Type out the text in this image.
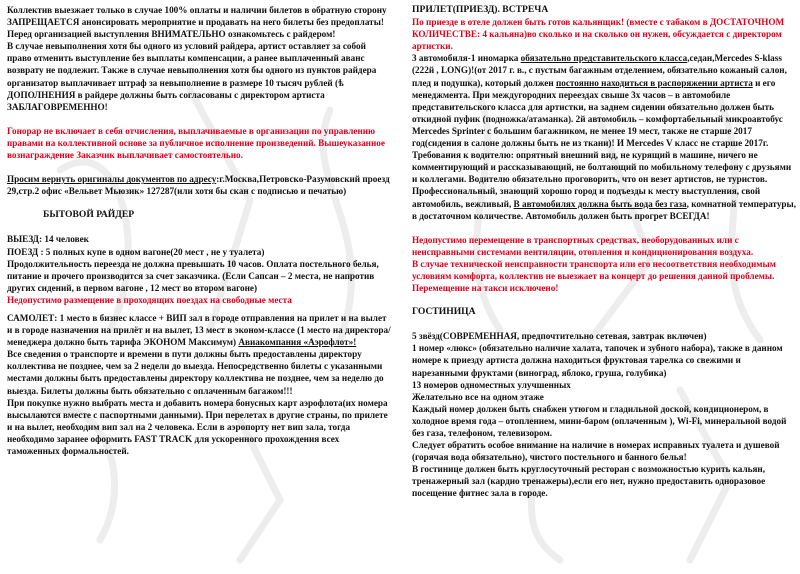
Коллектив выезжает только в случае 100% оплаты и наличии билетов в обратную сторону

ЗАПРЕЩАЕТСЯ анонсировать мероприятие и продавать на него билеты без предоплаты!

Перед организацией выступления ВНИМАТЕЛЬНО ознакомьтесь с райдером!

В случае невыполнения хотя бы одного из условий райдера, артист оставляет за собой право отменить выступление без выплаты компенсации, а ранее выплаченный аванс возврату не подлежит. Также в случае невыполнения хотя бы одного из пунктов райдера организатор выплачивает штраф за невыполнение в размере 10 тысяч рублей (ѣ ДОПОЛНЕНИЯ в райдере должны быть согласованы с директором артиста ЗАБЛАГОВРЕМЕННО!

Гонорар не включает в себя отчисления, выплачиваемые в организации по управлению правами на коллективной основе за публичное исполнение произведений. Вышеуказанное вознаграждение Заказчик выплачивает самостоятельно.

Просим вернуть оригиналы документов по адресу:г.Москва,Петровско-Разумовский проезд 29,стр.2 офис «Вельвет Мьюзик» 127287(или хотя бы скан с подписью и печатью)

БЫТОВОЙ РАЙДЕР

ВЫЕЗД: 14 человек

ПОЕЗД : 5 полных купе в одном вагоне(20 мест , не у туалета)

Продолжительность переезда не должна превышать 10 часов. Оплата постельного белья, питание и прочего производится за счет заказчика. (Если Сапсан – 2 места, не напротив других сидений, в первом вагоне , 12 мест во втором вагоне)

Недопустимо размещение в проходящих поездах на свободные места

САМОЛЕТ: 1 место в бизнес классе + ВИП зал в городе отправления на прилет и на вылет и в городе назначения на прилёт и на вылет, 13 мест в эконом-классе (1 место на директора/менеджера должно быть тарифа ЭКОНОМ Максимум) Авиакомпания «Аэрофлот»!

Все сведения о транспорте и времени в пути должны быть предоставлены директору коллектива не позднее, чем за 2 недели до выезда. Непосредственно билеты с указанными местами должны быть предоставлены директору коллектива не позднее, чем за неделю до выезда. Билеты должны быть обязательно с оплаченным багажом!!!

При покупке нужно выбрать места и добавить номера бонусных карт аэрофлота(их номера высылаются вместе с паспортными данными). При перелетах в другие страны, по прилете и на вылет, необходим вип зал на 2 человека. Если в аэропорту нет вип зала, тогда необходимо заранее оформить FAST TRACK для ускоренного прохождения всех таможенных формальностей.

ПРИЛЕТ(ПРИЕЗД). ВСТРЕЧА

По приезде в отеле должен быть готов кальянщик! (вместе с табаком в ДОСТАТОЧНОМ КОЛИЧЕСТВЕ: 4 кальяна)во сколько и на сколько он нужен, обсуждается с директором артистки.

3 автомобиля-1 иномарка обязательно представительского класса,седан,Mercedes S-klass (222й , LONG)!(от 2017 г. в., с пустым багажным отделением, обязательно кожаный салон, плед и подушка), который должен постоянно находиться в распоряжении артиста и его менеджмента. При междугородних переездах свыше 3х часов – в автомобиле представительского класса для артистки, на заднем сидении обязательно должен быть откидной пуфик (подножка/атаманка). 2й автомобиль – комфортабельный микроавтобус Mercedes Sprinter с большим багажником, не менее 19 мест, также не старше 2017 год(сидения в салоне должны быть не из ткани)! И Mercedes V класс не старше 2017г. Требования к водителю: опрятный внешний вид, не курящий в машине, ничего не комментирующий и рассказывающий, не болтающий по мобильному телефону с друзьями и коллегами. Водителю обязательно проговорить, что он везет артистов, не туристов. Профессиональный, знающий хорошо город и подъезды к месту выступления, свой автомобиль, вежливый, В автомобилях должна быть вода без газа, комнатной температуры, в достаточном количестве. Автомобиль должен быть прогрет ВСЕГДА!

Недопустимо перемещение в транспортных средствах, необорудованных или с неисправными системами вентиляции, отопления и кондиционирования воздуха.

В случае технической неисправности транспорта или его несоответствия необходимым условиям комфорта, коллектив не выезжает на концерт до решения данной проблемы. Перемещение на такси исключено!

ГОСТИНИЦА

5 звёзд(СОВРЕМЕННАЯ, предпочтительно сетевая, завтрак включен)

1 номер «люкс» (обязательно наличие халата, тапочек и зубного набора), также в данном номере к приезду артиста должна находиться фруктовая тарелка со свежими и нарезанными фруктами (виноград, яблоко, груша, голубика)

13 номеров одноместных улучшенных

Желательно все на одном этаже

Каждый номер должен быть снабжен утюгом и гладильной доской, кондиционером, в холодное время года – отоплением, мини-баром (оплаченным ), Wi-Fi, минеральной водой без газа, телефоном, телевизором.

Следует обратить особое внимание на наличие в номерах исправных туалета и душевой (горячая вода обязательно), чистого постельного и банного белья!

В гостинице должен быть круглосуточный ресторан с возможностью курить кальян, тренажерный зал (кардио тренажеры),если его нет, нужно предоставить одноразовое посещение фитнес зала в городе.
